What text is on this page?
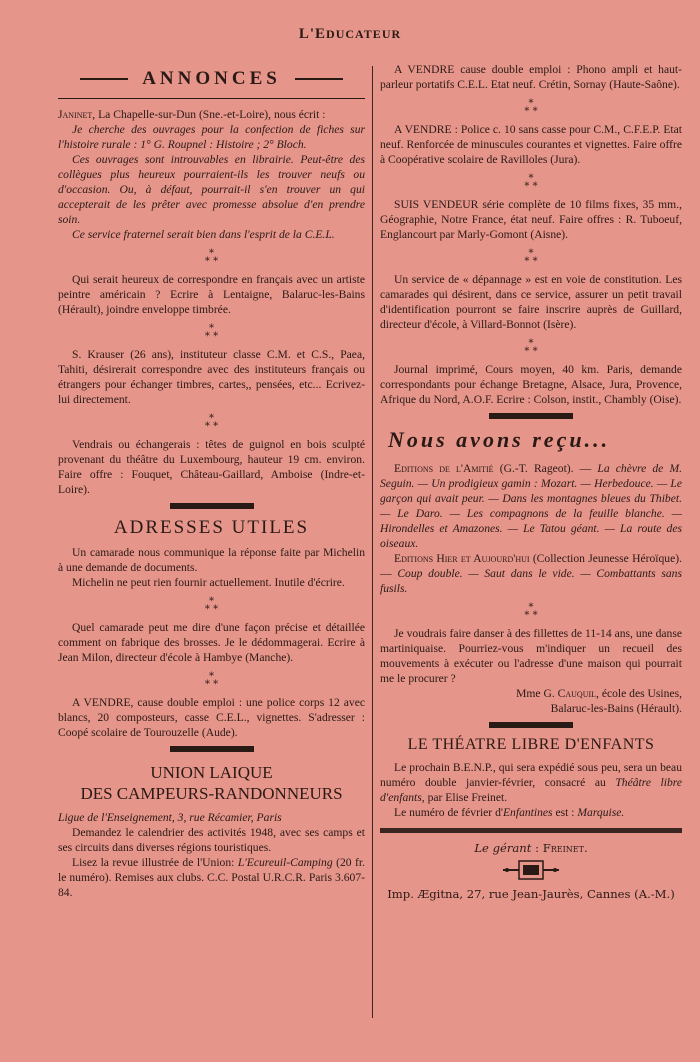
L'EDUCATEUR
ANNONCES

Janinet, La Chapelle-sur-Dun (Sne.-et-Loire), nous écrit :

Je cherche des ouvrages pour la confection de fiches sur l'histoire rurale : 1° G. Roupnel : Histoire ; 2° Bloch.

Ces ouvrages sont introuvables en librairie. Peut-être des collègues plus heureux pourraient-ils les trouver neufs ou d'occasion. Ou, à défaut, pourrait-il s'en trouver un qui accepterait de les prêter avec promesse absolue d'en prendre soin.

Ce service fraternel serait bien dans l'esprit de la C.E.L.

*
* *

Qui serait heureux de correspondre en français avec un artiste peintre américain ? Ecrire à Lentaigne, Balaruc-les-Bains (Hérault), joindre enveloppe timbrée.

*
* *

S. Krauser (26 ans), instituteur classe C.M. et C.S., Paea, Tahiti, désirerait correspondre avec des instituteurs français ou étrangers pour échanger timbres, cartes,, pensées, etc... Ecrivez-lui directement.

*
* *

Vendrais ou échangerais : têtes de guignol en bois sculpté provenant du théâtre du Luxembourg, hauteur 19 cm. environ. Faire offre : Fouquet, Château-Gaillard, Amboise (Indre-et-Loire).

ADRESSES UTILES

Un camarade nous communique la réponse faite par Michelin à une demande de documents.

Michelin ne peut rien fournir actuellement. Inutile d'écrire.

*
* *

Quel camarade peut me dire d'une façon précise et détaillée comment on fabrique des brosses. Je le dédommagerai. Ecrire à Jean Milon, directeur d'école à Hambye (Manche).

*
* *

A VENDRE, cause double emploi : une police corps 12 avec blancs, 20 composteurs, casse C.E.L., vignettes. S'adresser : Coopé scolaire de Tourouzelle (Aude).

UNION LAIQUE
DES CAMPEURS-RANDONNEURS

Ligue de l'Enseignement, 3, rue Récamier, Paris

Demandez le calendrier des activités 1948, avec ses camps et ses circuits dans diverses régions touristiques.

Lisez la revue illustrée de l'Union: L'Ecureuil-Camping (20 fr. le numéro). Remises aux clubs. C.C. Postal U.R.C.R. Paris 3.607-84.

A VENDRE cause double emploi : Phono ampli et haut-parleur portatifs C.E.L. Etat neuf. Crétin, Sornay (Haute-Saône).

*
* *

A VENDRE : Police c. 10 sans casse pour C.M., C.F.E.P. Etat neuf. Renforcée de minuscules courantes et vignettes. Faire offre à Coopérative scolaire de Ravilloles (Jura).

*
* *

SUIS VENDEUR série complète de 10 films fixes, 35 mm., Géographie, Notre France, état neuf. Faire offres : R. Tuboeuf, Englancourt par Marly-Gomont (Aisne).

*
* *

Un service de « dépannage » est en voie de constitution. Les camarades qui désirent, dans ce service, assurer un petit travail d'identification pourront se faire inscrire auprès de Guillard, directeur d'école, à Villard-Bonnot (Isère).

*
* *

Journal imprimé, Cours moyen, 40 km. Paris, demande correspondants pour échange Bretagne, Alsace, Jura, Provence, Afrique du Nord, A.O.F. Ecrire : Colson, instit., Chambly (Oise).

Nous avons reçu...

Editions de l'Amitié (G.-T. Rageot). — La chèvre de M. Seguin. — Un prodigieux gamin : Mozart. — Herbedouce. — Le garçon qui avait peur. — Dans les montagnes bleues du Thibet. — Le Daro. — Les compagnons de la feuille blanche. — Hirondelles et Amazones. — Le Tatou géant. — La route des oiseaux.

Editions Hier et Aujourd'hui (Collection Jeunesse Héroïque). — Coup double. — Saut dans le vide. — Combattants sans fusils.

*
* *

Je voudrais faire danser à des fillettes de 11-14 ans, une danse martiniquaise. Pourriez-vous m'indiquer un recueil des mouvements à exécuter ou l'adresse d'une maison qui pourrait me le procurer ?

Mme G. Cauquil, école des Usines,

Balaruc-les-Bains (Hérault).

LE THÉATRE LIBRE D'ENFANTS

Le prochain B.E.N.P., qui sera expédié sous peu, sera un beau numéro double janvier-février, consacré au Théâtre libre d'enfants, par Elise Freinet.

Le numéro de février d'Enfantines est : Marquise.

Le gérant : Freinet.
Imp. Ægitna, 27, rue Jean-Jaurès, Cannes (A.-M.)
